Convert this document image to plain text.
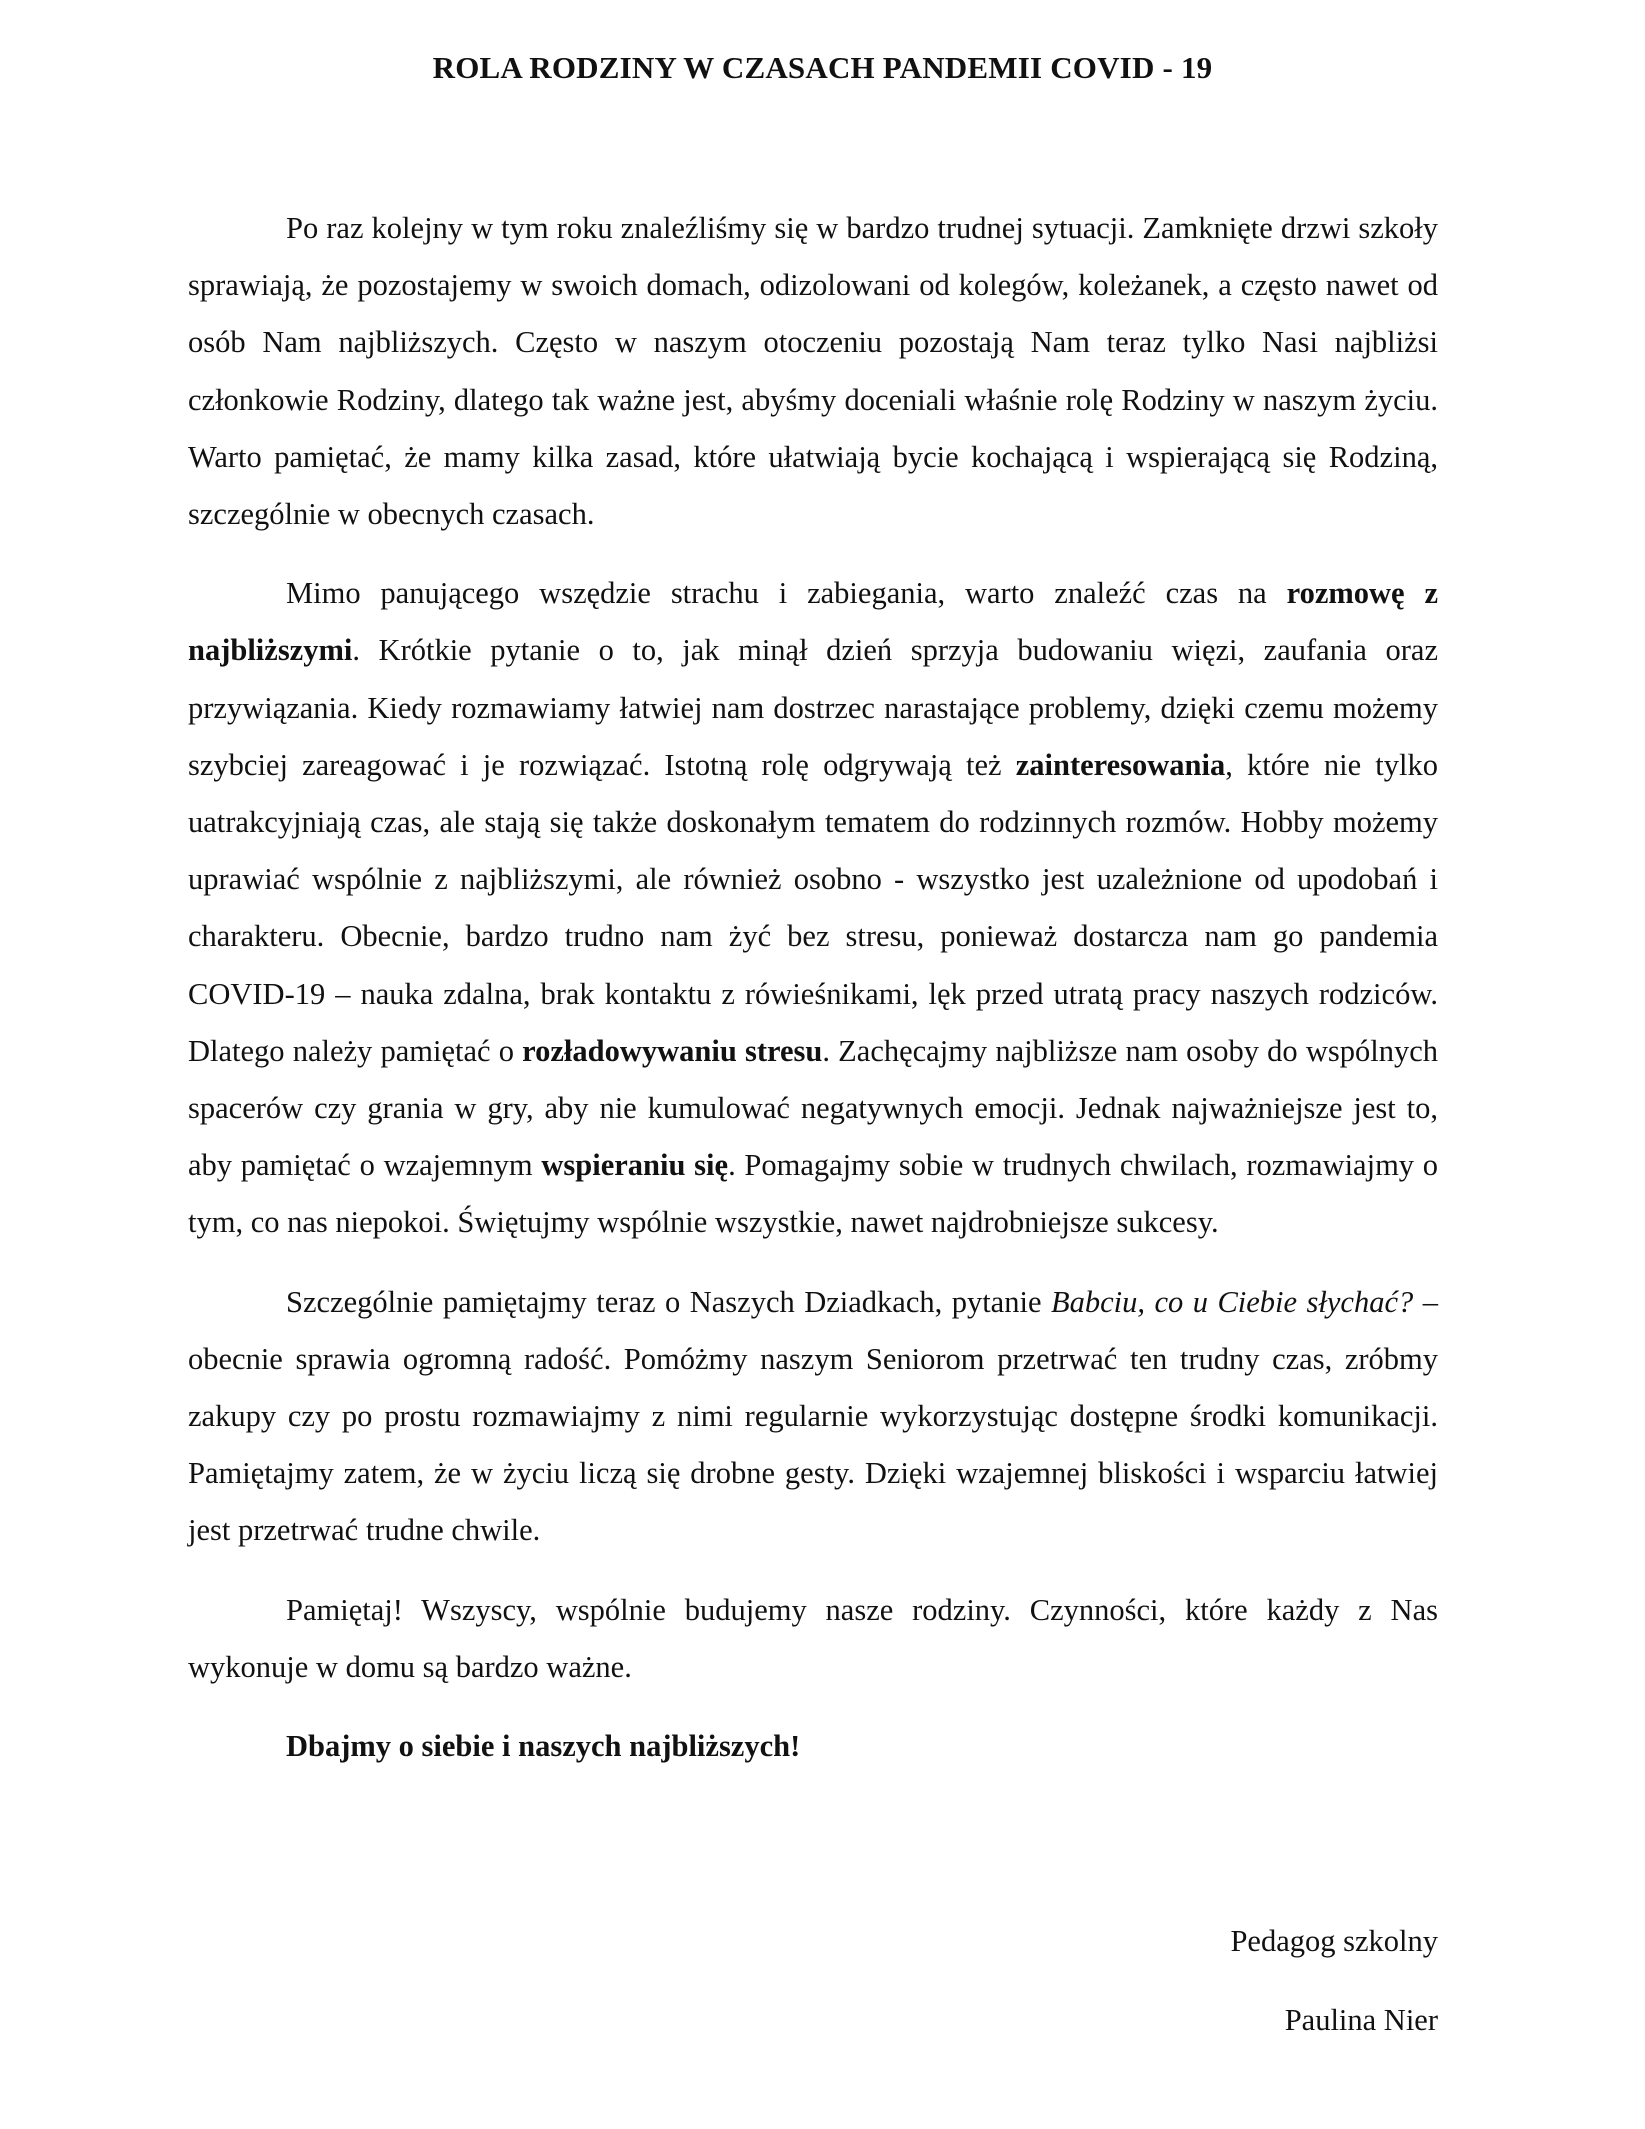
ROLA RODZINY W CZASACH PANDEMII COVID - 19

Po raz kolejny w tym roku znaleźliśmy się w bardzo trudnej sytuacji. Zamknięte drzwi szkoły sprawiają, że pozostajemy w swoich domach, odizolowani od kolegów, koleżanek, a często nawet od osób Nam najbliższych. Często w naszym otoczeniu pozostają Nam teraz tylko Nasi najbliżsi członkowie Rodziny, dlatego tak ważne jest, abyśmy doceniali właśnie rolę Rodziny w naszym życiu. Warto pamiętać, że mamy kilka zasad, które ułatwiają bycie kochającą i wspierającą się Rodziną, szczególnie w obecnych czasach.

Mimo panującego wszędzie strachu i zabiegania, warto znaleźć czas na rozmowę z najbliższymi. Krótkie pytanie o to, jak minął dzień sprzyja budowaniu więzi, zaufania oraz przywiązania. Kiedy rozmawiamy łatwiej nam dostrzec narastające problemy, dzięki czemu możemy szybciej zareagować i je rozwiązać. Istotną rolę odgrywają też zainteresowania, które nie tylko uatrakcyjniają czas, ale stają się także doskonałym tematem do rodzinnych rozmów. Hobby możemy uprawiać wspólnie z najbliższymi, ale również osobno - wszystko jest uzależnione od upodobań i charakteru. Obecnie, bardzo trudno nam żyć bez stresu, ponieważ dostarcza nam go pandemia COVID-19 – nauka zdalna, brak kontaktu z rówieśnikami, lęk przed utratą pracy naszych rodziców. Dlatego należy pamiętać o rozładowywaniu stresu. Zachęcajmy najbliższe nam osoby do wspólnych spacerów czy grania w gry, aby nie kumulować negatywnych emocji. Jednak najważniejsze jest to, aby pamiętać o wzajemnym wspieraniu się. Pomagajmy sobie w trudnych chwilach, rozmawiajmy o tym, co nas niepokoi. Świętujmy wspólnie wszystkie, nawet najdrobniejsze sukcesy.

Szczególnie pamiętajmy teraz o Naszych Dziadkach, pytanie Babciu, co u Ciebie słychać? – obecnie sprawia ogromną radość. Pomóżmy naszym Seniorom przetrwać ten trudny czas, zróbmy zakupy czy po prostu rozmawiajmy z nimi regularnie wykorzystując dostępne środki komunikacji. Pamiętajmy zatem, że w życiu liczą się drobne gesty. Dzięki wzajemnej bliskości i wsparciu łatwiej jest przetrwać trudne chwile.

Pamiętaj! Wszyscy, wspólnie budujemy nasze rodziny. Czynności, które każdy z Nas wykonuje w domu są bardzo ważne.

Dbajmy o siebie i naszych najbliższych!

Pedagog szkolny
Paulina Nier
